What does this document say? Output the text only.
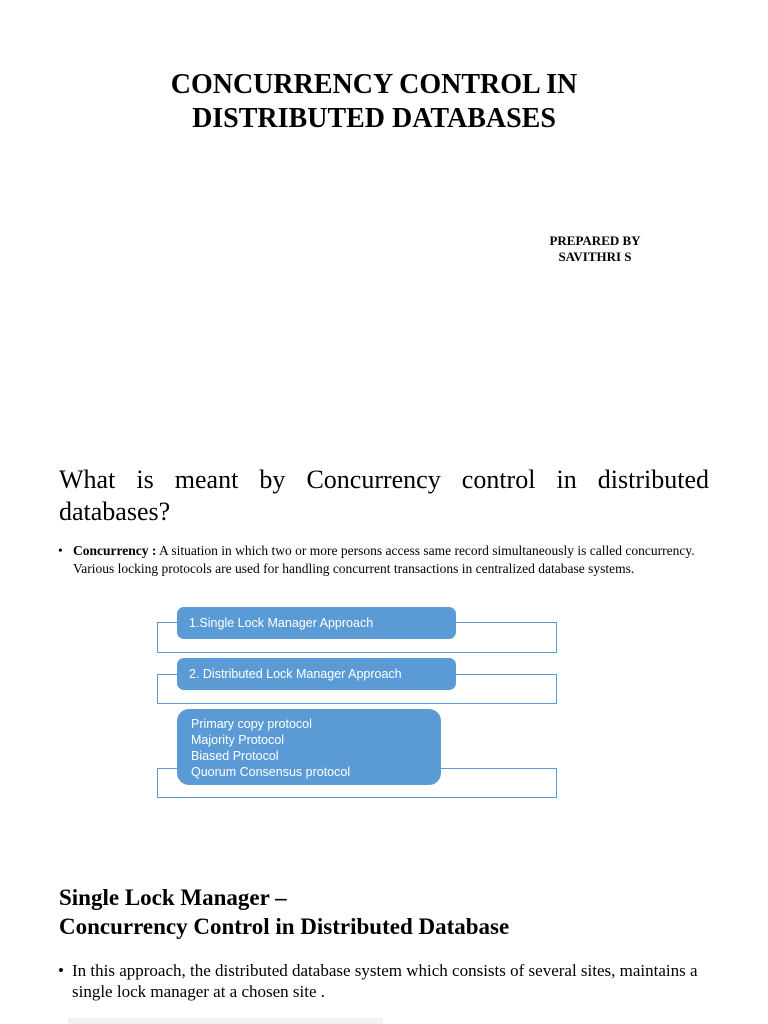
CONCURRENCY CONTROL IN
DISTRIBUTED DATABASES
PREPARED BY
SAVITHRI S
What is meant by Concurrency control in distributed databases?
• Concurrency : A situation in which two or more persons access same record simultaneously is called concurrency. Various locking protocols are used for handling concurrent transactions in centralized database systems.
1.Single Lock Manager Approach
2. Distributed Lock Manager Approach
Primary copy protocol
Majority Protocol
Biased Protocol
Quorum Consensus protocol
Single Lock Manager –
Concurrency Control in Distributed Database
• In this approach, the distributed database system which consists of several sites, maintains a single lock manager at a chosen site .
